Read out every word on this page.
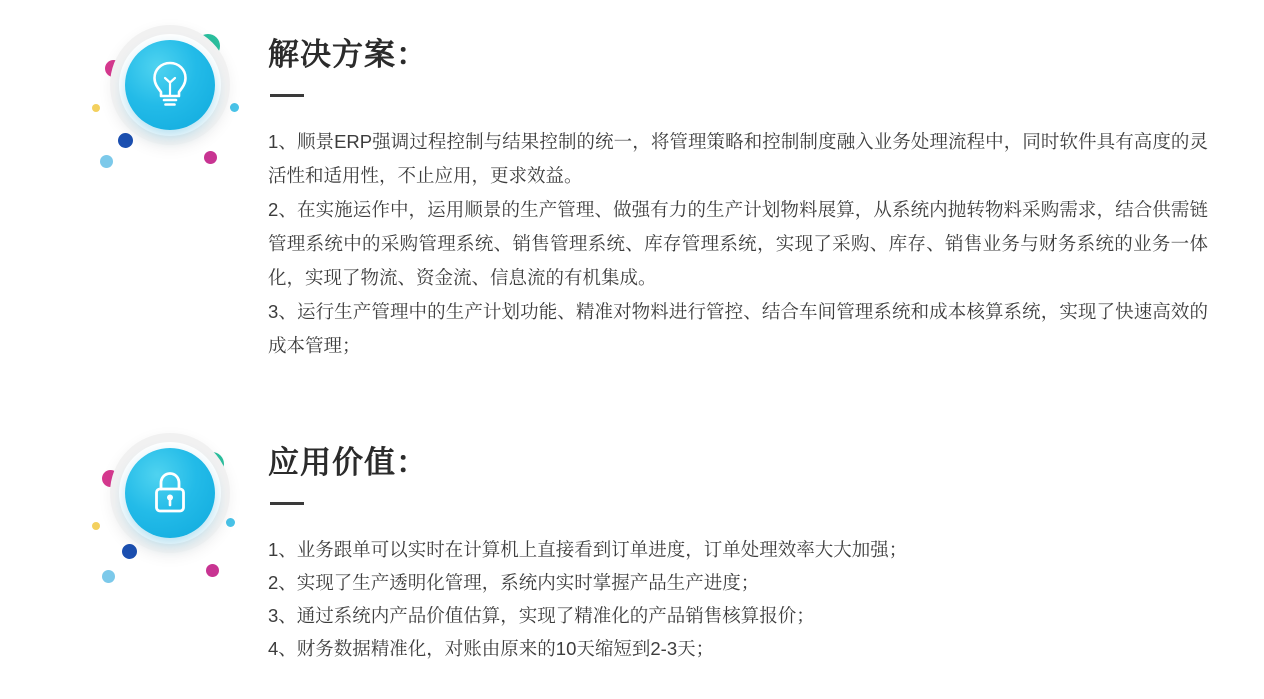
解决方案：
1、顺景ERP强调过程控制与结果控制的统一，将管理策略和控制制度融入业务处理流程中，同时软件具有高度的灵活性和适用性，不止应用，更求效益。
2、在实施运作中，运用顺景的生产管理、做强有力的生产计划物料展算，从系统内抛转物料采购需求，结合供需链管理系统中的采购管理系统、销售管理系统、库存管理系统，实现了采购、库存、销售业务与财务系统的业务一体化，实现了物流、资金流、信息流的有机集成。
3、运行生产管理中的生产计划功能、精准对物料进行管控、结合车间管理系统和成本核算系统，实现了快速高效的成本管理；
应用价值：
1、业务跟单可以实时在计算机上直接看到订单进度，订单处理效率大大加强；
2、实现了生产透明化管理，系统内实时掌握产品生产进度；
3、通过系统内产品价值估算，实现了精准化的产品销售核算报价；
4、财务数据精准化，对账由原来的10天缩短到2-3天；
